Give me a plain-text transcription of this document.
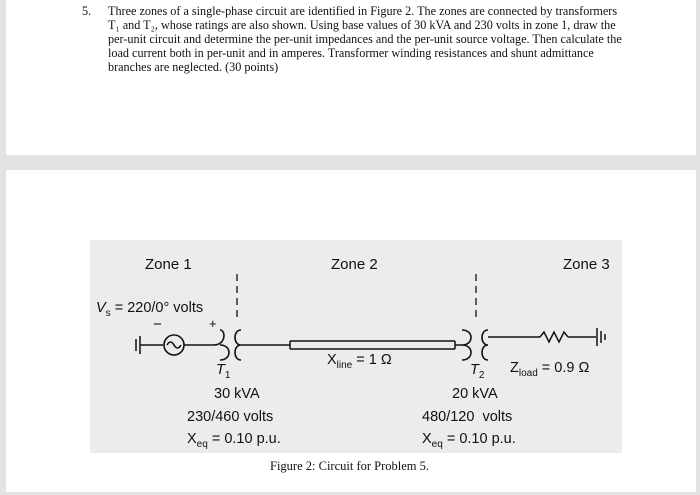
5. Three zones of a single-phase circuit are identified in Figure 2. The zones are connected by transformers T₁ and T₂, whose ratings are also shown. Using base values of 30 kVA and 230 volts in zone 1, draw the per-unit circuit and determine the per-unit impedances and the per-unit source voltage. Then calculate the load current both in per-unit and in amperes. Transformer winding resistances and shunt admittance branches are neglected. (30 points)
Zone 1	Zone 2	Zone 3
$V_s = 220/0^\circ$ volts
−	+
$T_1$
30 kVA
230/460 volts
$X_{eq} = 0.10$ p.u.
$X_{line} = 1$ Ω
$T_2$
20 kVA
480/120  volts
$X_{eq} = 0.10$ p.u.
$Z_{load} = 0.9$ Ω
Figure 2: Circuit for Problem 5.
